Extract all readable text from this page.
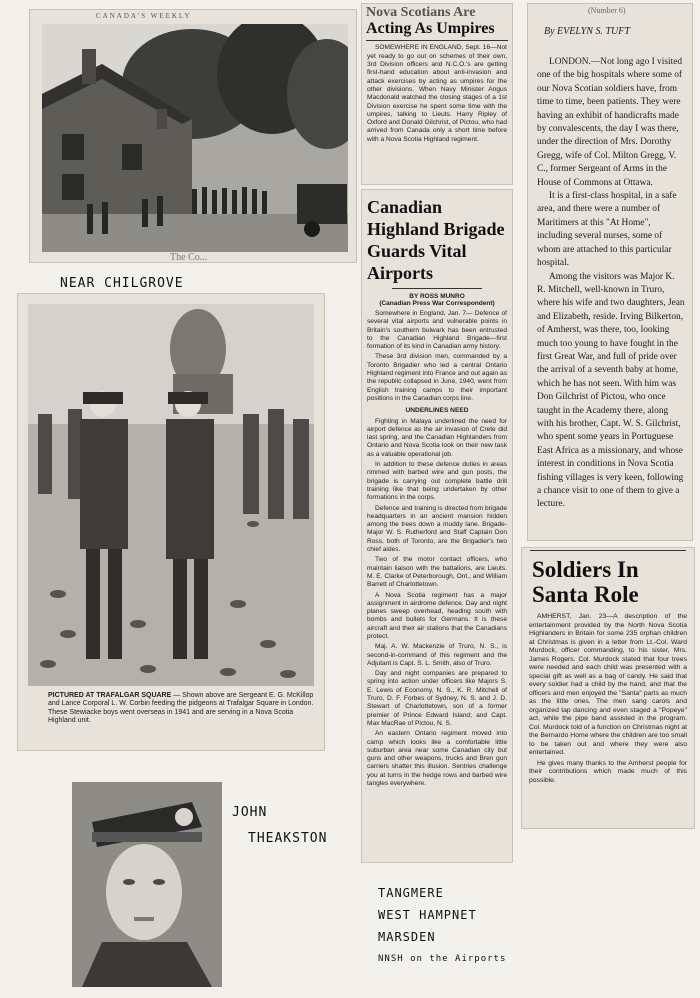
CANADA'S WEEKLY
The Co...
NEAR CHILGROVE
PICTURED AT TRAFALGAR SQUARE — Shown above are Sergeant E. G. McKillop and Lance Corporal L. W. Corbin feeding the pidgeons at Trafalgar Square in London. These Stewiacke boys went overseas in 1941 and are serving in a Nova Scotia Highland unit.
JOHN
THEAKSTON
TANGMERE
WEST HAMPNET
MARSDEN
NNSH on the Airports
Nova Scotians Are
Acting As Umpires

SOMEWHERE IN ENGLAND, Sept. 16—Not yet ready to go out on schemes of their own, 3rd Division officers and N.C.O.'s are getting first-hand education about anti-invasion and attack exercises by acting as umpires for the other divisions. When Navy Minister Angus Macdonald watched the closing stages of a 1st Division exercise he spent some time with the umpires, talking to Lieuts. Harry Ripley of Oxford and Donald Gilchrist, of Pictou, who had arrived from Canada only a short time before with a Nova Scotia Highland regiment.

Canadian Highland Brigade Guards Vital Airports
BY ROSS MUNRO
(Canadian Press War Correspondent)

Somewhere in England, Jan. 7— Defence of several vital airports and vulnerable points in Britain's southern bulwark has been entrusted to the Canadian Highland Brigade—first formation of its kind in Canadian army history.

These 3rd division men, commanded by a Toronto Brigadier who led a central Ontario Highland regiment into France and out again as the republic collapsed in June, 1940, went from English training camps to their important positions in the Canadian corps line.

UNDERLINES NEED

Fighting in Malaya underlined the need for airport defence as the air invasion of Crete did last spring, and the Canadian Highlanders from Ontario and Nova Scotia look on their new task as a valuable operational job.

In addition to these defence duties in areas rimmed with barbed wire and gun posts, the brigade is carrying out complete battle drill training like that being undertaken by other formations in the corps.

Defence and training is directed from brigade headquarters in an ancient mansion hidden among the trees down a muddy lane. Brigade-Major W. S. Rutherford and Staff Captain Don Ross, both of Toronto, are the Brigadier's two chief aides.

Two of the motor contact officers, who maintain liaison with the battalions, are Lieuts. M. E. Clarke of Peterborough, Ont., and William Barrett of Charlottetown.

A Nova Scotia regiment has a major assignment in airdrome defence. Day and night planes sweep overhead, heading south with bombs and bullets for Germans. It is these aircraft and their air stations that the Canadians protect.

Maj. A. W. Mackenzie of Truro, N. S., is second-in-command of this regiment and the Adjutant is Capt. S. L. Smith, also of Truro.

Day and night companies are prepared to spring into action under officers like Majors S. E. Lewis of Economy, N. S., K. R. Mitchell of Truro, D. F. Forbes of Sydney, N. S. and J. D. Stewart of Charlottetown, son of a former premier of Prince Edward Island; and Capt. Max MacRae of Pictou, N. S.

An eastern Ontario regiment moved into camp which looks like a comfortable little suburban area near some Canadian city but guns and other weapons, trucks and Bren gun carriers shatter this illusion. Sentries challenge you at turns in the hedge rows and barbed wire tangles everywhere.

(Number 6)
By EVELYN S. TUFT

LONDON.—Not long ago I visited one of the big hospitals where some of our Nova Scotian soldiers have, from time to time, been patients. They were having an exhibit of handicrafts made by convalescents, the day I was there, under the direction of Mrs. Dorothy Gregg, wife of Col. Milton Gregg, V. C., former Sergeant of Arms in the House of Commons at Ottawa.

It is a first-class hospital, in a safe area, and there were a number of Maritimers at this "At Home", including several nurses, some of whom are attached to this particular hospital.

Among the visitors was Major K. R. Mitchell, well-known in Truro, where his wife and two daughters, Jean and Elizabeth, reside. Irving Bilkerton, of Amherst, was there, too, looking much too young to have fought in the first Great War, and full of pride over the arrival of a seventh baby at home, which he has not seen. With him was Don Gilchrist of Pictou, who once taught in the Academy there, along with his brother, Capt. W. S. Gilchrist, who spent some years in Portuguese East Africa as a missionary, and whose interest in conditions in Nova Scotia fishing villages is very keen, following a chance visit to one of them to give a lecture.

Soldiers In Santa Role

AMHERST, Jan. 23—A description of the entertainment provided by the North Nova Scotia Highlanders in Britain for some 235 orphan children at Christmas is given in a letter from Lt.-Col. Ward Murdock, officer commanding, to his sister, Mrs. James Rogers. Col. Murdock stated that four trees were needed and each child was presented with a special gift as well as a bag of candy. He said that every soldier had a child by the hand, and that the officers and men enjoyed the "Santa" parts as much as the little ones. The men sang carols and organized tap dancing and even staged a "Popeye" act, while the pipe band assisted in the program. Col. Murdock told of a function on Christmas night at the Bernardo Home where the children are too small to be taken out and where they were also entertained.

He gives many thanks to the Amherst people for their contributions which made much of this possible.
